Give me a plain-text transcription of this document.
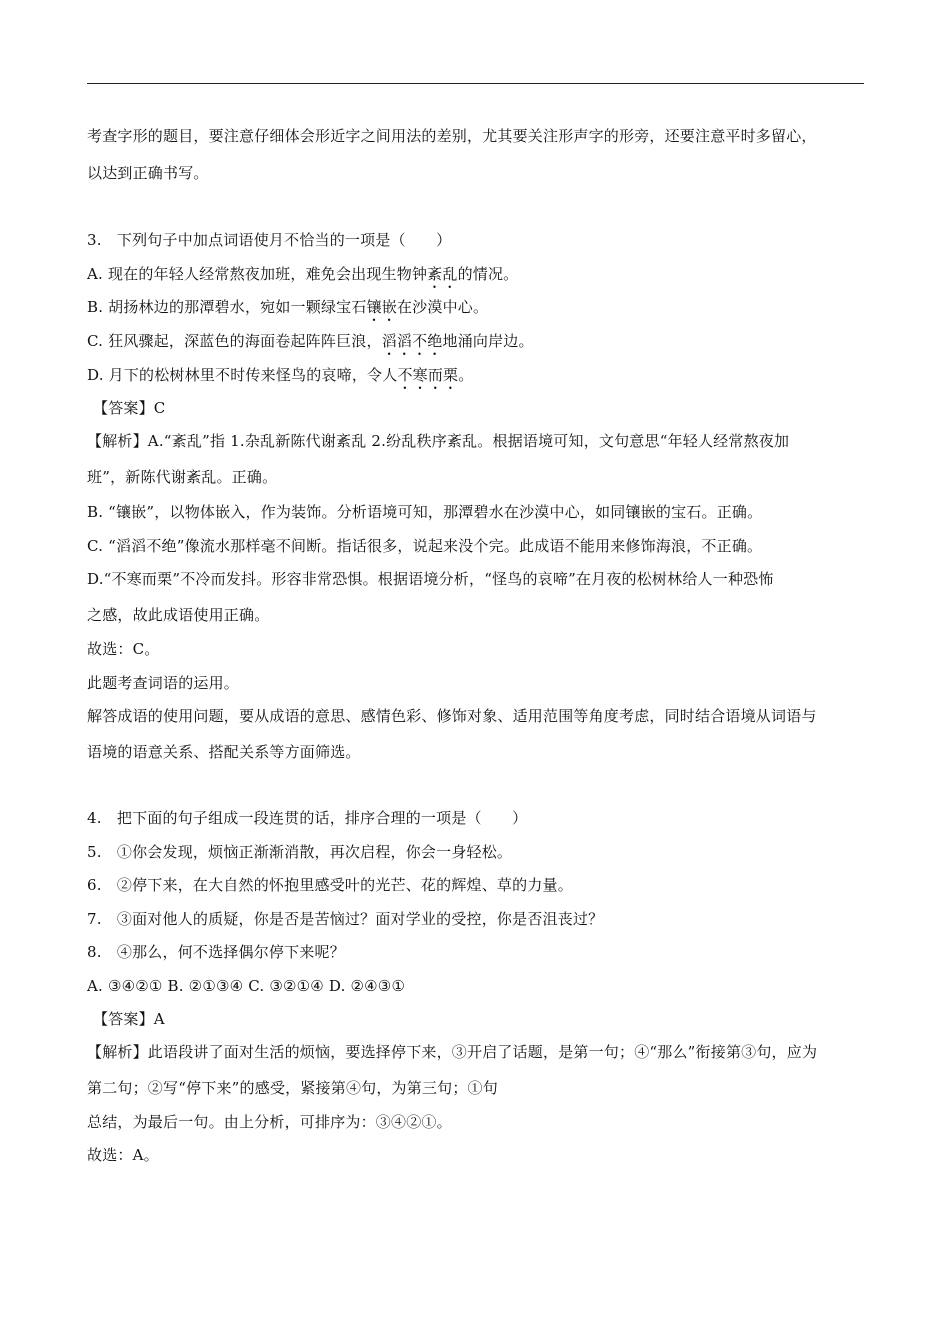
考查字形的题目，要注意仔细体会形近字之间用法的差别，尤其要关注形声字的形旁，还要注意平时多留心，
以达到正确书写。
3.　下列句子中加点词语使月不恰当的一项是（　　）
A. 现在的年轻人经常熬夜加班，难免会出现生物钟紊乱的情况。
B. 胡扬林边的那潭碧水，宛如一颗绿宝石镶嵌在沙漠中心。
C. 狂风骤起，深蓝色的海面卷起阵阵巨浪，滔滔不绝地涌向岸边。
D. 月下的松树林里不时传来怪鸟的哀啼，令人不寒而栗。
【答案】C
【解析】A.“紊乱”指 1.杂乱新陈代谢紊乱 2.纷乱秩序紊乱。根据语境可知，文句意思“年轻人经常熬夜加
班”，新陈代谢紊乱。正确。
B. “镶嵌”，以物体嵌入，作为装饰。分析语境可知，那潭碧水在沙漠中心，如同镶嵌的宝石。正确。
C. “滔滔不绝”像流水那样毫不间断。指话很多，说起来没个完。此成语不能用来修饰海浪，不正确。
D.“不寒而栗”不冷而发抖。形容非常恐惧。根据语境分析，“怪鸟的哀啼”在月夜的松树林给人一种恐怖
之感，故此成语使用正确。
故选：C。
此题考查词语的运用。
解答成语的使用问题，要从成语的意思、感情色彩、修饰对象、适用范围等角度考虑，同时结合语境从词语与
语境的语意关系、搭配关系等方面筛选。
4.　把下面的句子组成一段连贯的话，排序合理的一项是（　　）
5.　①你会发现，烦恼正渐渐消散，再次启程，你会一身轻松。
6.　②停下来，在大自然的怀抱里感受叶的光芒、花的辉煌、草的力量。
7.　③面对他人的质疑，你是否是苦恼过？面对学业的受控，你是否沮丧过？
8.　④那么，何不选择偶尔停下来呢？
A. ③④②① B. ②①③④ C. ③②①④ D. ②④③①
【答案】A
【解析】此语段讲了面对生活的烦恼，要选择停下来，③开启了话题，是第一句；④“那么”衔接第③句，应为
第二句；②写“停下来”的感受，紧接第④句，为第三句；①句
总结，为最后一句。由上分析，可排序为：③④②①。
故选：A。
